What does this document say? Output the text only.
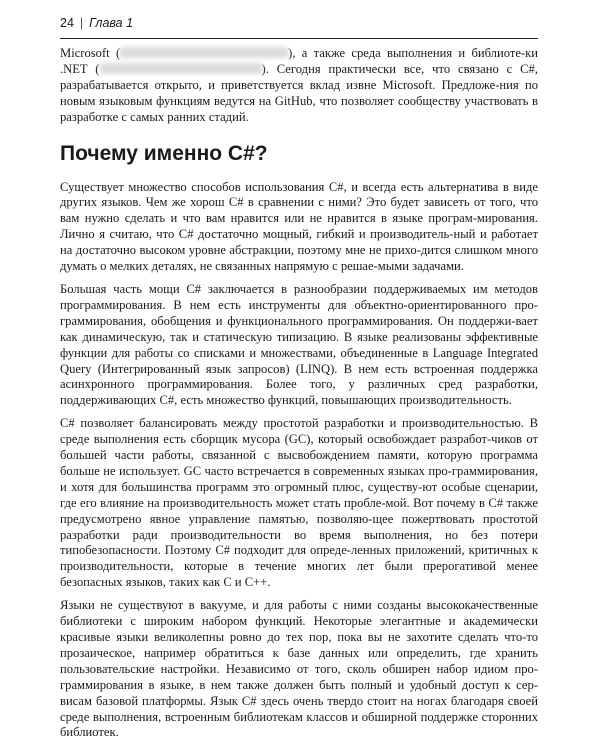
24 | Глава 1

Microsoft (	), а также среда выполнения и библиоте-ки .NET (	). Сегодня практически все, что связано с C#, разрабатывается открыто, и приветствуется вклад извне Microsoft. Предложе-ния по новым языковым функциям ведутся на GitHub, что позволяет сообществу участвовать в разработке с самых ранних стадий.

Почему именно C#?

Существует множество способов использования C#, и всегда есть альтернатива в виде других языков. Чем же хорош C# в сравнении с ними? Это будет зависеть от того, что вам нужно сделать и что вам нравится или не нравится в языке програм-мирования. Лично я считаю, что C# достаточно мощный, гибкий и производитель-ный и работает на достаточно высоком уровне абстракции, поэтому мне не прихо-дится слишком много думать о мелких деталях, не связанных напрямую с решае-мыми задачами.

Большая часть мощи C# заключается в разнообразии поддерживаемых им методов программирования. В нем есть инструменты для объектно-ориентированного про-граммирования, обобщения и функционального программирования. Он поддержи-вает как динамическую, так и статическую типизацию. В языке реализованы эффективные функции для работы со списками и множествами, объединенные в Language Integrated Query (Интегрированный язык запросов) (LINQ). В нем есть встроенная поддержка асинхронного программирования. Более того, у различных сред разработки, поддерживающих C#, есть множество функций, повышающих производительность.

C# позволяет балансировать между простотой разработки и производительностью. В среде выполнения есть сборщик мусора (GC), который освобождает разработ-чиков от большей части работы, связанной с высвобождением памяти, которую программа больше не использует. GC часто встречается в современных языках про-граммирования, и хотя для большинства программ это огромный плюс, существу-ют особые сценарии, где его влияние на производительность может стать пробле-мой. Вот почему в C# также предусмотрено явное управление памятью, позволяю-щее пожертвовать простотой разработки ради производительности во время выполнения, но без потери типобезопасности. Поэтому C# подходит для опреде-ленных приложений, критичных к производительности, которые в течение многих лет были прерогативой менее безопасных языков, таких как C и C++.

Языки не существуют в вакууме, и для работы с ними созданы высококачественные библиотеки с широким набором функций. Некоторые элегантные и академически красивые языки великолепны ровно до тех пор, пока вы не захотите сделать что-то прозаическое, например обратиться к базе данных или определить, где хранить пользовательские настройки. Независимо от того, сколь обширен набор идиом про-граммирования в языке, в нем также должен быть полный и удобный доступ к сер-висам базовой платформы. Язык C# здесь очень твердо стоит на ногах благодаря своей среде выполнения, встроенным библиотекам классов и обширной поддержке сторонних библиотек.
